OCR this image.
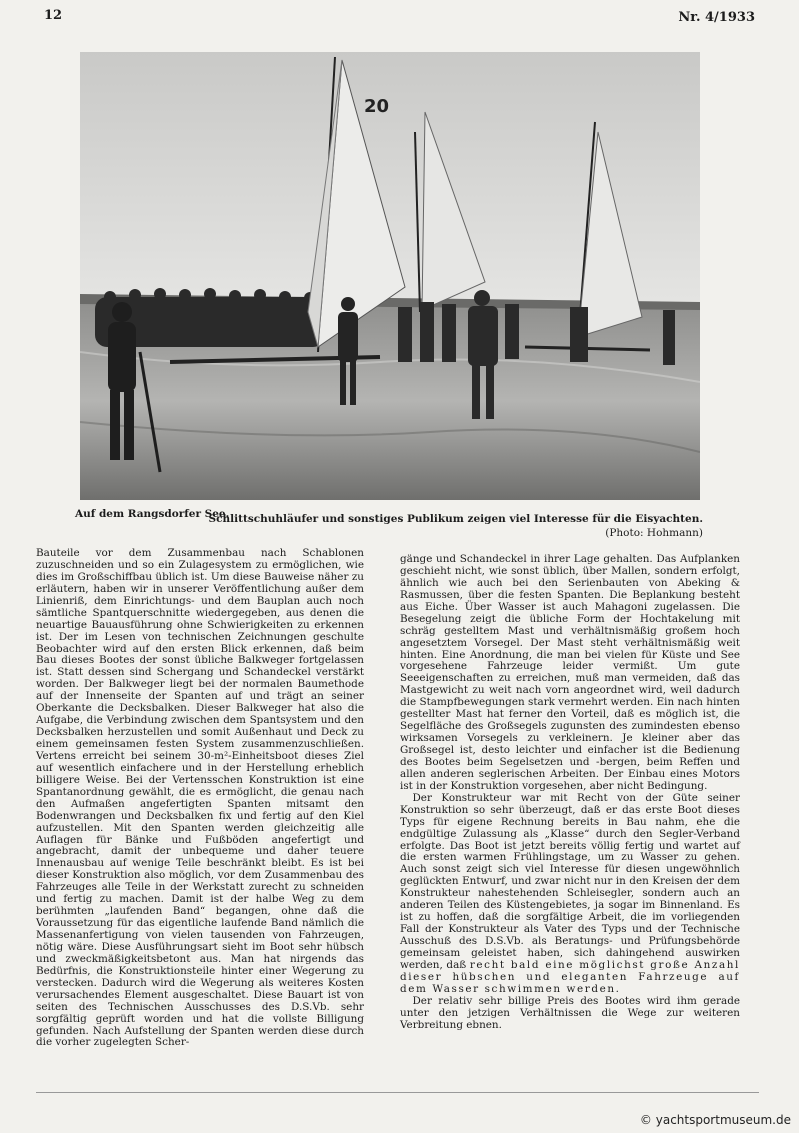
12	Nr. 4/1933
20
Auf dem Rangsdorfer See.
Schlittschuhläufer und sonstiges Publikum zeigen viel Interesse für die Eisyachten.
(Photo: Hohmann)

Bauteile vor dem Zusammenbau nach Schablonen zuzuschneiden und so ein Zulagesystem zu ermöglichen, wie dies im Großschiffbau üblich ist. Um diese Bauweise näher zu erläutern, haben wir in unserer Veröffentlichung außer dem Linienriß, dem Einrichtungs- und dem Bauplan auch noch sämtliche Spantquerschnitte wiedergegeben, aus denen die neuartige Bauausführung ohne Schwierigkeiten zu erkennen ist. Der im Lesen von technischen Zeichnungen geschulte Beobachter wird auf den ersten Blick erkennen, daß beim Bau dieses Bootes der sonst übliche Balkweger fortgelassen ist. Statt dessen sind Schergang und Schandeckel verstärkt worden. Der Balkweger liegt bei der normalen Baumethode auf der Innenseite der Spanten auf und trägt an seiner Oberkante die Decksbalken. Dieser Balkweger hat also die Aufgabe, die Verbindung zwischen dem Spantsystem und den Decksbalken herzustellen und somit Außenhaut und Deck zu einem gemeinsamen festen System zusammenzuschließen. Vertens erreicht bei seinem 30-m²-Einheitsboot dieses Ziel auf wesentlich einfachere und in der Herstellung erheblich billigere Weise. Bei der Vertensschen Konstruktion ist eine Spantanordnung gewählt, die es ermöglicht, die genau nach den Aufmaßen angefertigten Spanten mitsamt den Bodenwrangen und Decksbalken fix und fertig auf den Kiel aufzustellen. Mit den Spanten werden gleichzeitig alle Auflagen für Bänke und Fußböden angefertigt und angebracht, damit der unbequeme und daher teuere Innenausbau auf wenige Teile beschränkt bleibt. Es ist bei dieser Konstruktion also möglich, vor dem Zusammenbau des Fahrzeuges alle Teile in der Werkstatt zurecht zu schneiden und fertig zu machen. Damit ist der halbe Weg zu dem berühmten „laufenden Band“ begangen, ohne daß die Voraussetzung für das eigentliche laufende Band nämlich die Massenanfertigung von vielen tausenden von Fahrzeugen, nötig wäre. Diese Ausführungsart sieht im Boot sehr hübsch und zweckmäßigkeitsbetont aus. Man hat nirgends das Bedürfnis, die Konstruktionsteile hinter einer Wegerung zu verstecken. Dadurch wird die Wegerung als weiteres Kosten verursachendes Element ausgeschaltet. Diese Bauart ist von seiten des Technischen Ausschusses des D.S.Vb. sehr sorgfältig geprüft worden und hat die vollste Billigung gefunden. Nach Aufstellung der Spanten werden diese durch die vorher zugelegten Scher-

gänge und Schandeckel in ihrer Lage gehalten. Das Aufplanken geschieht nicht, wie sonst üblich, über Mallen, sondern erfolgt, ähnlich wie auch bei den Serienbauten von Abeking & Rasmussen, über die festen Spanten. Die Beplankung besteht aus Eiche. Über Wasser ist auch Mahagoni zugelassen. Die Besegelung zeigt die übliche Form der Hochtakelung mit schräg gestelltem Mast und verhältnismäßig großem hoch angesetztem Vorsegel. Der Mast steht verhältnismäßig weit hinten. Eine Anordnung, die man bei vielen für Küste und See vorgesehene Fahrzeuge leider vermißt. Um gute Seeeigenschaften zu erreichen, muß man vermeiden, daß das Mastgewicht zu weit nach vorn angeordnet wird, weil dadurch die Stampfbewegungen stark vermehrt werden. Ein nach hinten gestellter Mast hat ferner den Vorteil, daß es möglich ist, die Segelfläche des Großsegels zugunsten des zumindesten ebenso wirksamen Vorsegels zu verkleinern. Je kleiner aber das Großsegel ist, desto leichter und einfacher ist die Bedienung des Bootes beim Segelsetzen und -bergen, beim Reffen und allen anderen seglerischen Arbeiten. Der Einbau eines Motors ist in der Konstruktion vorgesehen, aber nicht Bedingung.

Der Konstrukteur war mit Recht von der Güte seiner Konstruktion so sehr überzeugt, daß er das erste Boot dieses Typs für eigene Rechnung bereits in Bau nahm, ehe die endgültige Zulassung als „Klasse“ durch den Segler-Verband erfolgte. Das Boot ist jetzt bereits völlig fertig und wartet auf die ersten warmen Frühlingstage, um zu Wasser zu gehen. Auch sonst zeigt sich viel Interesse für diesen ungewöhnlich geglückten Entwurf, und zwar nicht nur in den Kreisen der dem Konstrukteur nahestehenden Schleisegler, sondern auch an anderen Teilen des Küstengebietes, ja sogar im Binnenland. Es ist zu hoffen, daß die sorgfältige Arbeit, die im vorliegenden Fall der Konstrukteur als Vater des Typs und der Technische Ausschuß des D.S.Vb. als Beratungs- und Prüfungsbehörde gemeinsam geleistet haben, sich dahingehend auswirken werden, daß recht bald eine möglichst große Anzahl dieser hübschen und eleganten Fahrzeuge auf dem Wasser schwimmen werden.

Der relativ sehr billige Preis des Bootes wird ihm gerade unter den jetzigen Verhältnissen die Wege zur weiteren Verbreitung ebnen.

© yachtsportmuseum.de
